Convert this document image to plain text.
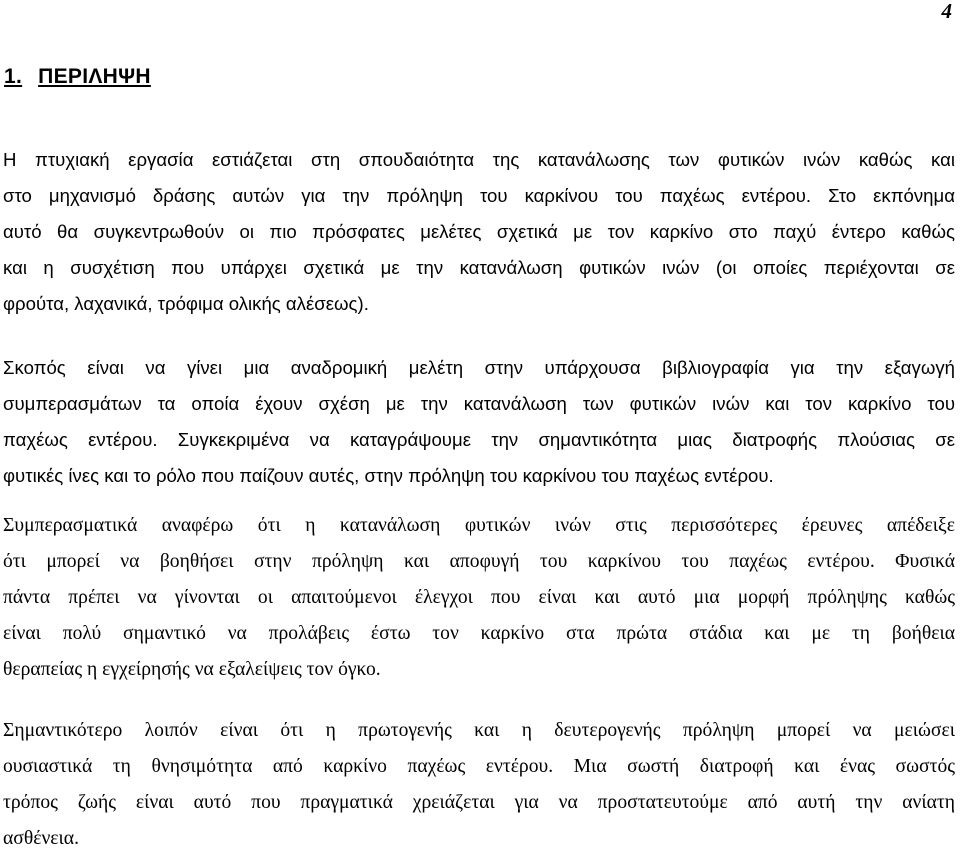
4
1. ΠΕΡΙΛΗΨΗ

Η πτυχιακή εργασία εστιάζεται στη σπουδαιότητα της κατανάλωσης των φυτικών ινών καθώς και
στο μηχανισμό δράσης αυτών για την πρόληψη του καρκίνου του παχέως εντέρου. Στο εκπόνημα
αυτό θα συγκεντρωθούν οι πιο πρόσφατες μελέτες σχετικά με τον καρκίνο στο παχύ έντερο καθώς
και η συσχέτιση που υπάρχει σχετικά με την κατανάλωση φυτικών ινών (οι οποίες περιέχονται σε
φρούτα, λαχανικά, τρόφιμα ολικής αλέσεως).

Σκοπός είναι να γίνει μια αναδρομική μελέτη στην υπάρχουσα βιβλιογραφία για την εξαγωγή
συμπερασμάτων τα οποία έχουν σχέση με την κατανάλωση των φυτικών ινών και τον καρκίνο του
παχέως εντέρου. Συγκεκριμένα να καταγράψουμε την σημαντικότητα μιας διατροφής πλούσιας σε
φυτικές ίνες και το ρόλο που παίζουν αυτές, στην πρόληψη του καρκίνου του παχέως εντέρου.

Συμπερασματικά αναφέρω ότι η κατανάλωση φυτικών ινών στις περισσότερες έρευνες απέδειξε
ότι μπορεί να βοηθήσει στην πρόληψη και αποφυγή του καρκίνου του παχέως εντέρου. Φυσικά
πάντα πρέπει να γίνονται οι απαιτούμενοι έλεγχοι που είναι και αυτό μια μορφή πρόληψης καθώς
είναι πολύ σημαντικό να προλάβεις έστω τον καρκίνο στα πρώτα στάδια και με τη βοήθεια
θεραπείας η εγχείρησής να εξαλείψεις τον όγκο.

Σημαντικότερο λοιπόν είναι ότι η πρωτογενής και η δευτερογενής πρόληψη μπορεί να μειώσει
ουσιαστικά τη θνησιμότητα από καρκίνο παχέως εντέρου. Μια σωστή διατροφή και ένας σωστός
τρόπος ζωής είναι αυτό που πραγματικά χρειάζεται για να προστατευτούμε από αυτή την ανίατη
ασθένεια.
